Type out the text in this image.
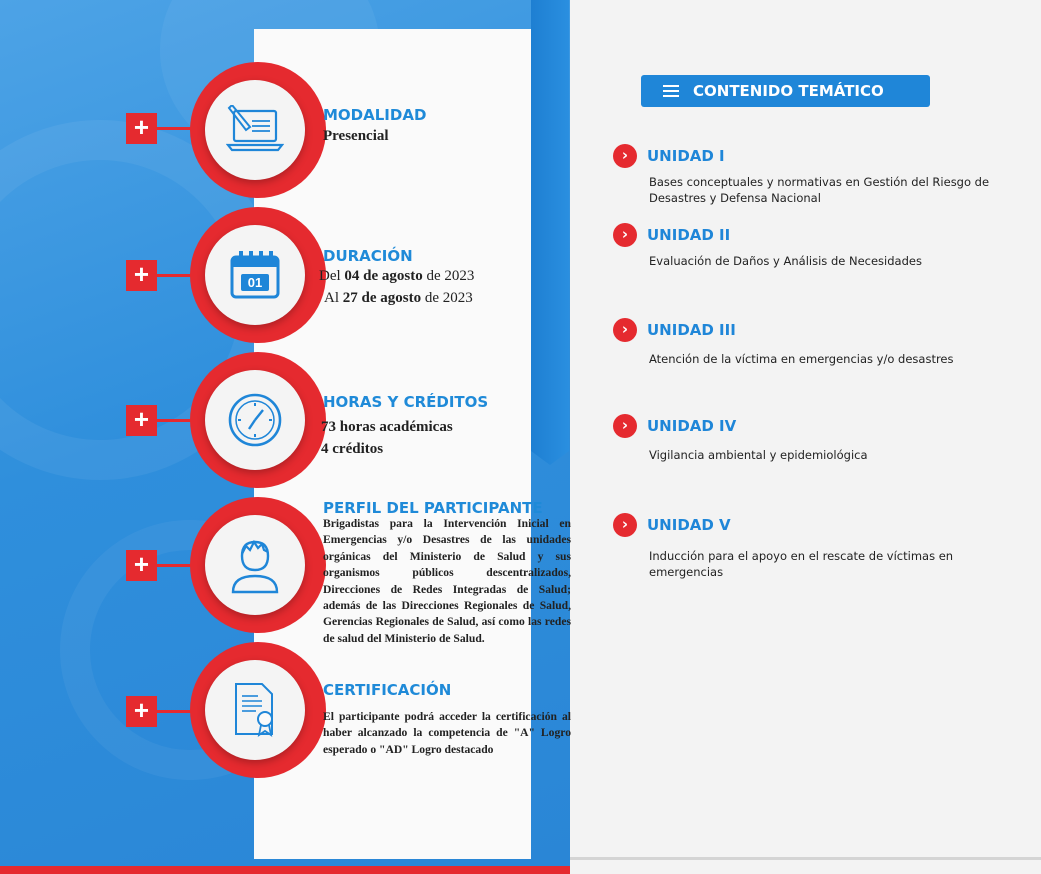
+	MODALIDAD
Presencial
+	01
DURACIÓN
Del 04 de agosto de 2023
Al 27 de agosto de 2023
+
HORAS Y CRÉDITOS
73 horas académicas
4 créditos
+
PERFIL DEL PARTICIPANTE
Brigadistas para la Intervención Inicial en Emergencias y/o Desastres de las unidades orgánicas del Ministerio de Salud y sus organismos públicos descentralizados, Direcciones de Redes Integradas de Salud; además de las Direcciones Regionales de Salud, Gerencias Regionales de Salud, así como las redes de salud del Ministerio de Salud.
+
CERTIFICACIÓN
El participante podrá acceder la certificación al haber alcanzado la competencia de "A" Logro esperado o "AD" Logro destacado
CONTENIDO TEMÁTICO
›	UNIDAD I
Bases conceptuales y normativas en Gestión del Riesgo de Desastres y Defensa Nacional
›	UNIDAD II
Evaluación de Daños y Análisis de Necesidades
›	UNIDAD III
Atención de la víctima en emergencias y/o desastres
›	UNIDAD IV
Vigilancia ambiental y epidemiológica
›	UNIDAD V
Inducción para el apoyo en el rescate de víctimas en emergencias
